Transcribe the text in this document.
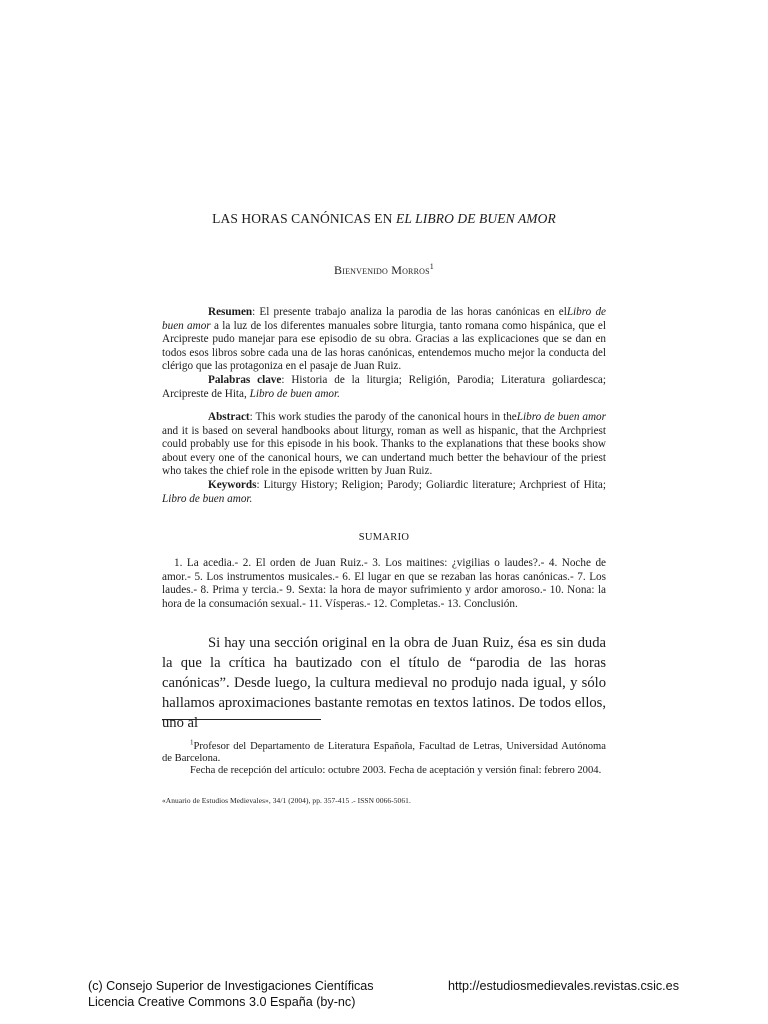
LAS HORAS CANÓNICAS EN EL LIBRO DE BUEN AMOR
Bienvenido Morros$^1$

Resumen: El presente trabajo analiza la parodia de las horas canónicas en elLibro de buen amor a la luz de los diferentes manuales sobre liturgia, tanto romana como hispánica, que el Arcipreste pudo manejar para ese episodio de su obra. Gracias a las explicaciones que se dan en todos esos libros sobre cada una de las horas canónicas, entendemos mucho mejor la conducta del clérigo que las protagoniza en el pasaje de Juan Ruiz.

Palabras clave: Historia de la liturgia; Religión, Parodia; Literatura goliardesca; Arcipreste de Hita, Libro de buen amor.

Abstract: This work studies the parody of the canonical hours in theLibro de buen amor and it is based on several handbooks about liturgy, roman as well as hispanic, that the Archpriest could probably use for this episode in his book. Thanks to the explanations that these books show about every one of the canonical hours, we can undertand much better the behaviour of the priest who takes the chief role in the episode written by Juan Ruiz.

Keywords: Liturgy History; Religion; Parody; Goliardic literature; Archpriest of Hita; Libro de buen amor.

SUMARIO

1. La acedia.- 2. El orden de Juan Ruiz.- 3. Los maitines: ¿vigilias o laudes?.- 4. Noche de amor.- 5. Los instrumentos musicales.- 6. El lugar en que se rezaban las horas canónicas.- 7. Los laudes.- 8. Prima y tercia.- 9. Sexta: la hora de mayor sufrimiento y ardor amoroso.- 10. Nona: la hora de la consumación sexual.- 11. Vísperas.- 12. Completas.- 13. Conclusión.

Si hay una sección original en la obra de Juan Ruiz, ésa es sin duda la que la crítica ha bautizado con el título de “parodia de las horas canónicas”. Desde luego, la cultura medieval no produjo nada igual, y sólo hallamos aproximaciones bastante remotas en textos latinos. De todos ellos, uno al

$^1$Profesor del Departamento de Literatura Española, Facultad de Letras, Universidad Autónoma de Barcelona.

Fecha de recepción del artículo: octubre 2003. Fecha de aceptación y versión final: febrero 2004.

«Anuario de Estudios Medievales», 34/1 (2004), pp. 357-415 .- ISSN 0066-5061.
(c) Consejo Superior de Investigaciones Científicas
Licencia Creative Commons 3.0 España (by-nc)
http://estudiosmedievales.revistas.csic.es
